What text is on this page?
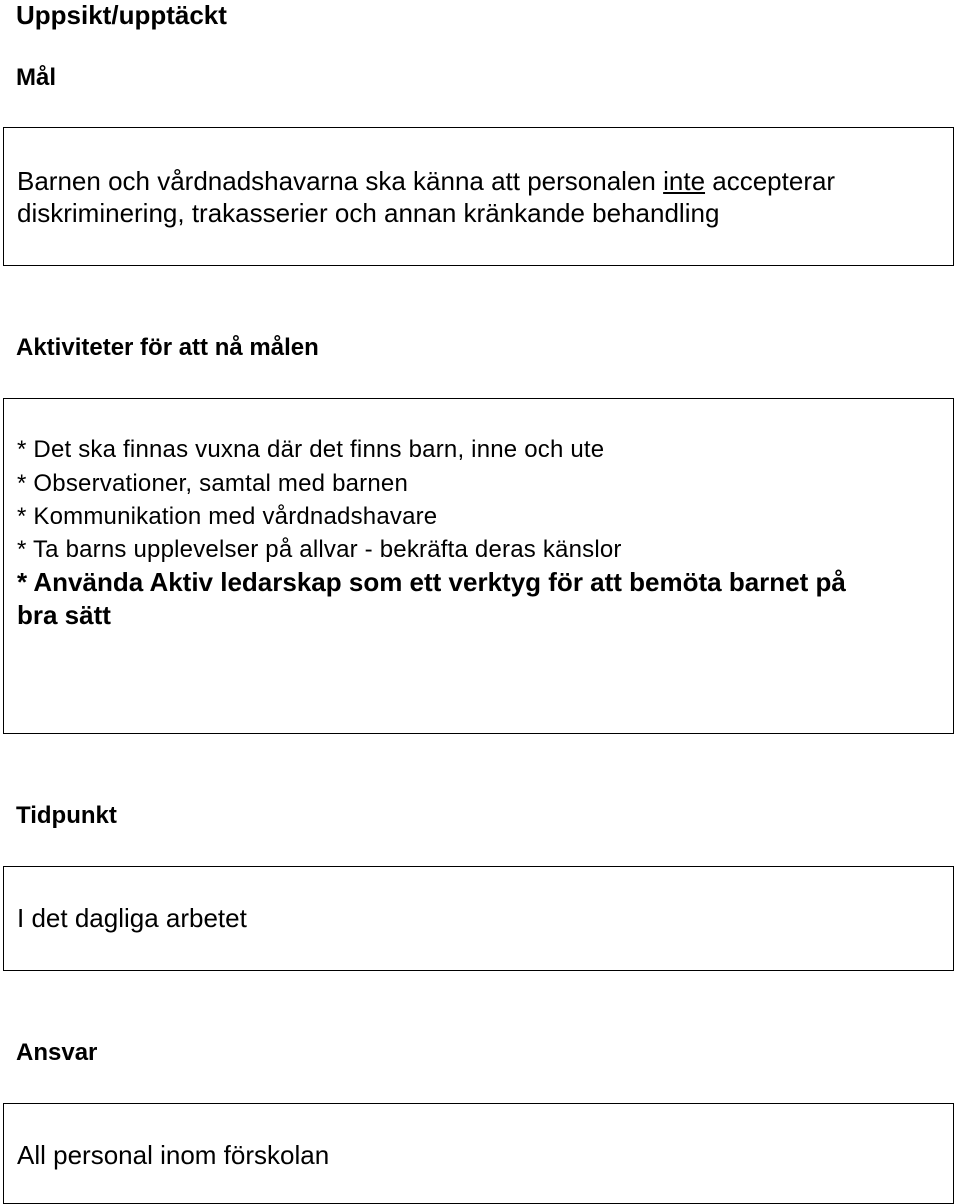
Uppsikt/upptäckt
Mål
Barnen och vårdnadshavarna ska känna att personalen inte accepterar
diskriminering, trakasserier och annan kränkande behandling
Aktiviteter för att nå målen
* Det ska finnas vuxna där det finns barn, inne och ute
* Observationer, samtal med barnen
* Kommunikation med vårdnadshavare
* Ta barns upplevelser på allvar - bekräfta deras känslor
* Använda Aktiv ledarskap som ett verktyg för att bemöta barnet på
bra sätt
Tidpunkt
I det dagliga arbetet
Ansvar
All personal inom förskolan
